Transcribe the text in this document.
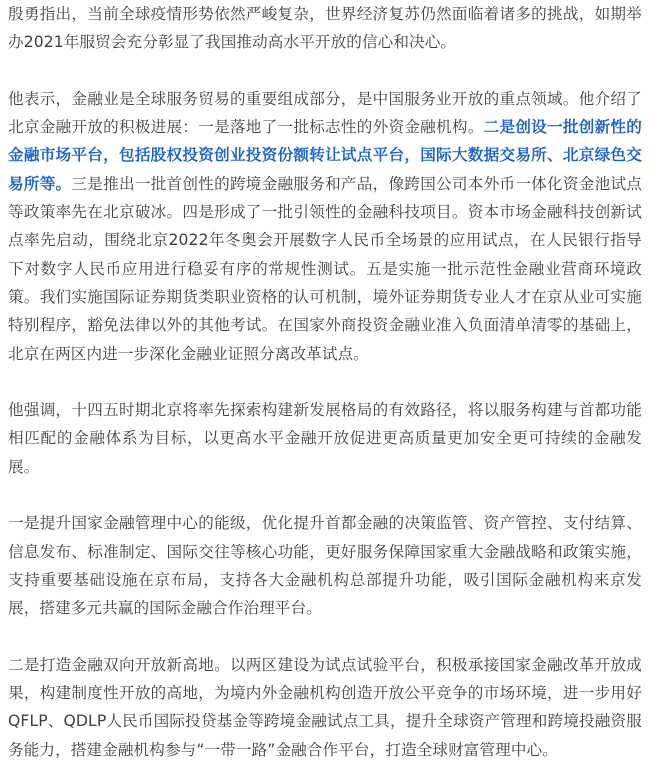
殷勇指出，当前全球疫情形势依然严峻复杂，世界经济复苏仍然面临着诸多的挑战，如期举办2021年服贸会充分彰显了我国推动高水平开放的信心和决心。

他表示，金融业是全球服务贸易的重要组成部分，是中国服务业开放的重点领域。他介绍了北京金融开放的积极进展：一是落地了一批标志性的外资金融机构。二是创设一批创新性的金融市场平台，包括股权投资创业投资份额转让试点平台，国际大数据交易所、北京绿色交易所等。三是推出一批首创性的跨境金融服务和产品，像跨国公司本外币一体化资金池试点等政策率先在北京破冰。四是形成了一批引领性的金融科技项目。资本市场金融科技创新试点率先启动，围绕北京2022年冬奥会开展数字人民币全场景的应用试点，在人民银行指导下对数字人民币应用进行稳妥有序的常规性测试。五是实施一批示范性金融业营商环境政策。我们实施国际证券期货类职业资格的认可机制，境外证券期货专业人才在京从业可实施特别程序，豁免法律以外的其他考试。在国家外商投资金融业准入负面清单清零的基础上，北京在两区内进一步深化金融业证照分离改革试点。

他强调，十四五时期北京将率先探索构建新发展格局的有效路径，将以服务构建与首都功能相匹配的金融体系为目标，以更高水平金融开放促进更高质量更加安全更可持续的金融发展。

一是提升国家金融管理中心的能级，优化提升首都金融的决策监管、资产管控、支付结算、信息发布、标准制定、国际交往等核心功能，更好服务保障国家重大金融战略和政策实施，支持重要基础设施在京布局，支持各大金融机构总部提升功能，吸引国际金融机构来京发展，搭建多元共赢的国际金融合作治理平台。

二是打造金融双向开放新高地。以两区建设为试点试验平台，积极承接国家金融改革开放成果，构建制度性开放的高地，为境内外金融机构创造开放公平竞争的市场环境，进一步用好QFLP、QDLP人民币国际投贷基金等跨境金融试点工具，提升全球资产管理和跨境投融资服务能力，搭建金融机构参与“一带一路”金融合作平台，打造全球财富管理中心。
